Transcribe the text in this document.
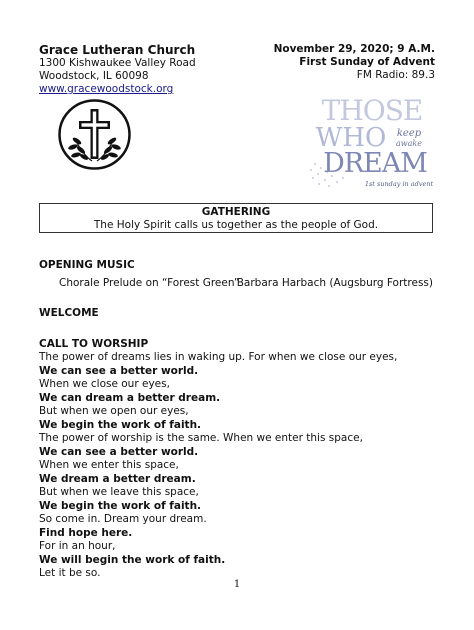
Grace Lutheran Church
1300 Kishwaukee Valley Road
Woodstock, IL 60098
www.gracewoodstock.org
November 29, 2020; 9 A.M.
First Sunday of Advent
FM Radio: 89.3
THOSE
WHO keep
awake
DREAM
1st sunday in advent
GATHERING
The Holy Spirit calls us together as the people of God.
OPENING MUSIC
Chorale Prelude on “Forest Green”
Barbara Harbach (Augsburg Fortress)
WELCOME
CALL TO WORSHIP
The power of dreams lies in waking up. For when we close our eyes,
We can see a better world.
When we close our eyes,
We can dream a better dream.
But when we open our eyes,
We begin the work of faith.
The power of worship is the same. When we enter this space,
We can see a better world.
When we enter this space,
We dream a better dream.
But when we leave this space,
We begin the work of faith.
So come in. Dream your dream.
Find hope here.
For in an hour,
We will begin the work of faith.
Let it be so.
1
